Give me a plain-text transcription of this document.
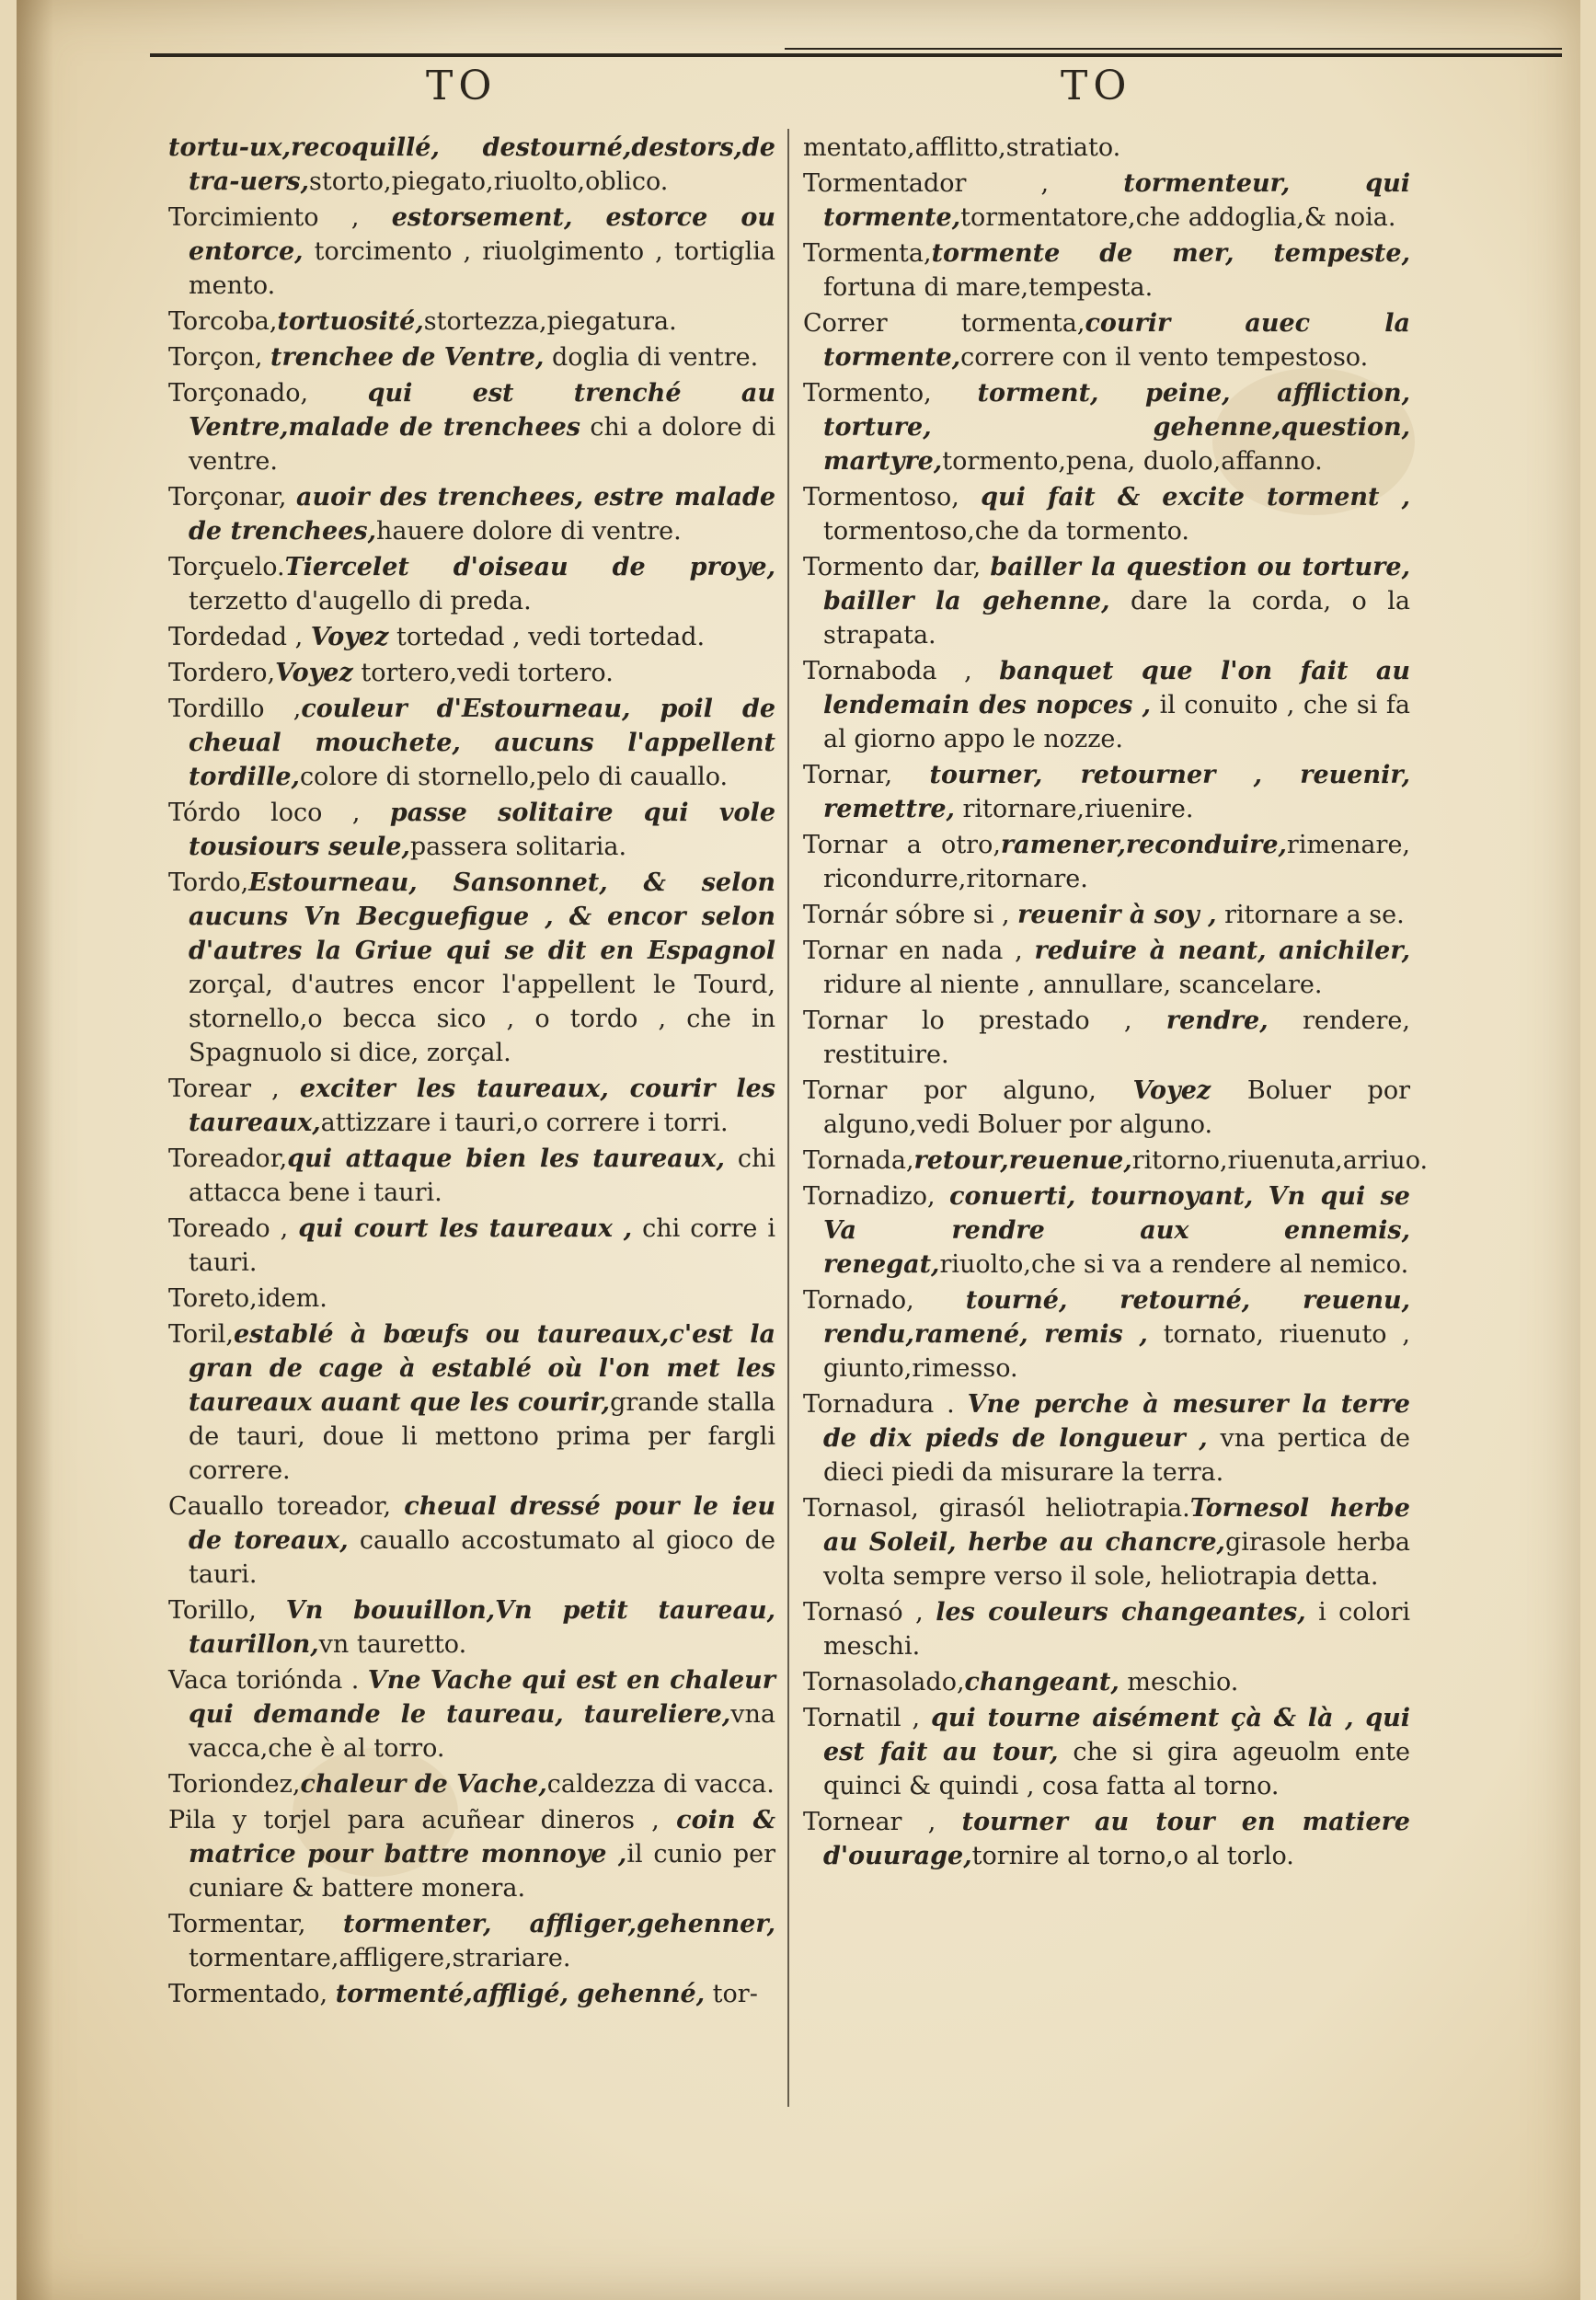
TO	TO

tortu-ux,recoquillé, destourné,destors,de tra-uers,storto,piegato,riuolto,oblico.

Torcimiento , estorsement, estorce ou entorce, torcimento , riuolgimento , tortiglia mento.

Torcoba,tortuosité,stortezza,piegatura.

Torçon, trenchee de Ventre, doglia di ventre.

Torçonado, qui est trenché au Ventre,malade de trenchees chi a dolore di ventre.

Torçonar, auoir des trenchees, estre malade de trenchees,hauere dolore di ventre.

Torçuelo.Tiercelet d'oiseau de proye, terzetto d'augello di preda.

Tordedad , Voyez tortedad , vedi tortedad.

Tordero,Voyez tortero,vedi tortero.

Tordillo ,couleur d'Estourneau, poil de cheual mouchete, aucuns l'appellent tordille,colore di stornello,pelo di cauallo.

Tórdo loco , passe solitaire qui vole tousiours seule,passera solitaria.

Tordo,Estourneau, Sansonnet, & selon aucuns Vn Becguefigue , & encor selon d'autres la Griue qui se dit en Espagnol zorçal, d'autres encor l'appellent le Tourd, stornello,o becca sico , o tordo , che in Spagnuolo si dice, zorçal.

Torear , exciter les taureaux, courir les taureaux,attizzare i tauri,o correre i torri.

Toreador,qui attaque bien les taureaux, chi attacca bene i tauri.

Toreado , qui court les taureaux , chi corre i tauri.

Toreto,idem.

Toril,establé à bœufs ou taureaux,c'est la gran de cage à establé où l'on met les taureaux auant que les courir,grande stalla de tauri, doue li mettono prima per fargli correre.

Cauallo toreador, cheual dressé pour le ieu de toreaux, cauallo accostumato al gioco de tauri.

Torillo, Vn bouuillon,Vn petit taureau, taurillon,vn tauretto.

Vaca toriónda . Vne Vache qui est en chaleur qui demande le taureau, taureliere,vna vacca,che è al torro.

Toriondez,chaleur de Vache,caldezza di vacca.

Pila y torjel para acuñear dineros , coin & matrice pour battre monnoye ,il cunio per cuniare & battere monera.

Tormentar, tormenter, affliger,gehenner, tormentare,affligere,strariare.

Tormentado, tormenté,affligé, gehenné, tor-

mentato,afflitto,stratiato.

Tormentador , tormenteur, qui tormente,tormentatore,che addoglia,& noia.

Tormenta,tormente de mer, tempeste, fortuna di mare,tempesta.

Correr tormenta,courir auec la tormente,correre con il vento tempestoso.

Tormento, torment, peine, affliction, torture, gehenne,question, martyre,tormento,pena, duolo,affanno.

Tormentoso, qui fait & excite torment , tormentoso,che da tormento.

Tormento dar, bailler la question ou torture, bailler la gehenne, dare la corda, o la strapata.

Tornaboda , banquet que l'on fait au lendemain des nopces , il conuito , che si fa al giorno appo le nozze.

Tornar, tourner, retourner , reuenir, remettre, ritornare,riuenire.

Tornar a otro,ramener,reconduire,rimenare, ricondurre,ritornare.

Tornár sóbre si , reuenir à soy , ritornare a se.

Tornar en nada , reduire à neant, anichiler, ridure al niente , annullare, scancelare.

Tornar lo prestado , rendre, rendere, restituire.

Tornar por alguno, Voyez Boluer por alguno,vedi Boluer por alguno.

Tornada,retour,reuenue,ritorno,riuenuta,arriuo.

Tornadizo, conuerti, tournoyant, Vn qui se Va rendre aux ennemis, renegat,riuolto,che si va a rendere al nemico.

Tornado, tourné, retourné, reuenu, rendu,ramené, remis , tornato, riuenuto , giunto,rimesso.

Tornadura . Vne perche à mesurer la terre de dix pieds de longueur , vna pertica de dieci piedi da misurare la terra.

Tornasol, girasól heliotrapia.Tornesol herbe au Soleil, herbe au chancre,girasole herba volta sempre verso il sole, heliotrapia detta.

Tornasó , les couleurs changeantes, i colori meschi.

Tornasolado,changeant, meschio.

Tornatil , qui tourne aisément çà & là , qui est fait au tour, che si gira ageuolm ente quinci & quindi , cosa fatta al torno.

Tornear , tourner au tour en matiere d'ouurage,tornire al torno,o al torlo.
